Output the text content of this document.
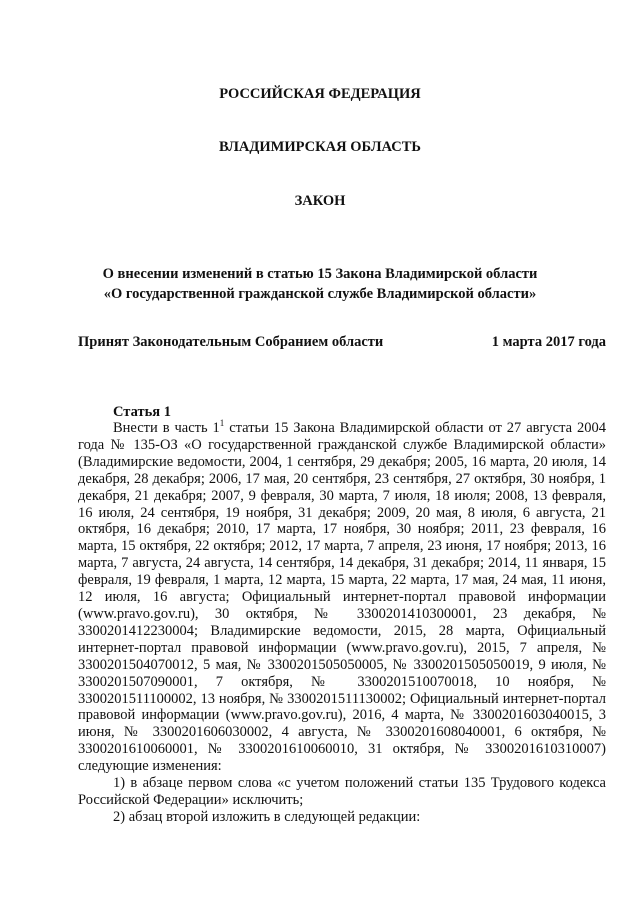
РОССИЙСКАЯ ФЕДЕРАЦИЯ
ВЛАДИМИРСКАЯ ОБЛАСТЬ
ЗАКОН
О внесении изменений в статью 15 Закона Владимирской области
«О государственной гражданской службе Владимирской области»
Принят Законодательным Собранием области	1 марта 2017 года
Статья 1

Внести в часть $1^1$ статьи 15 Закона Владимирской области от 27 августа 2004 года № 135-ОЗ «О государственной гражданской службе Владимирской области» (Владимирские ведомости, 2004, 1 сентября, 29 декабря; 2005, 16 марта, 20 июля, 14 декабря, 28 декабря; 2006, 17 мая, 20 сентября, 23 сентября, 27 октября, 30 ноября, 1 декабря, 21 декабря; 2007, 9 февраля, 30 марта, 7 июля, 18 июля; 2008, 13 февраля, 16 июля, 24 сентября, 19 ноября, 31 декабря; 2009, 20 мая, 8 июля, 6 августа, 21 октября, 16 декабря; 2010, 17 марта, 17 ноября, 30 ноября; 2011, 23 февраля, 16 марта, 15 октября, 22 октября; 2012, 17 марта, 7 апреля, 23 июня, 17 ноября; 2013, 16 марта, 7 августа, 24 августа, 14 сентября, 14 декабря, 31 декабря; 2014, 11 января, 15 февраля, 19 февраля, 1 марта, 12 марта, 15 марта, 22 марта, 17 мая, 24 мая, 11 июня, 12 июля, 16 августа; Официальный интернет-портал правовой информации (www.pravo.gov.ru), 30 октября, № 3300201410300001, 23 декабря, № 3300201412230004; Владимирские ведомости, 2015, 28 марта, Официальный интернет-портал правовой информации (www.pravo.gov.ru), 2015, 7 апреля, № 3300201504070012, 5 мая, № 3300201505050005, № 3300201505050019, 9 июля, № 3300201507090001, 7 октября, № 3300201510070018, 10 ноября, № 3300201511100002, 13 ноября, № 3300201511130002; Официальный интернет-портал правовой информации (www.pravo.gov.ru), 2016, 4 марта, № 3300201603040015, 3 июня, № 3300201606030002, 4 августа, № 3300201608040001, 6 октября, № 3300201610060001, № 3300201610060010, 31 октября, № 3300201610310007) следующие изменения:

1) в абзаце первом слова «с учетом положений статьи 135 Трудового кодекса Российской Федерации» исключить;

2) абзац второй изложить в следующей редакции:
